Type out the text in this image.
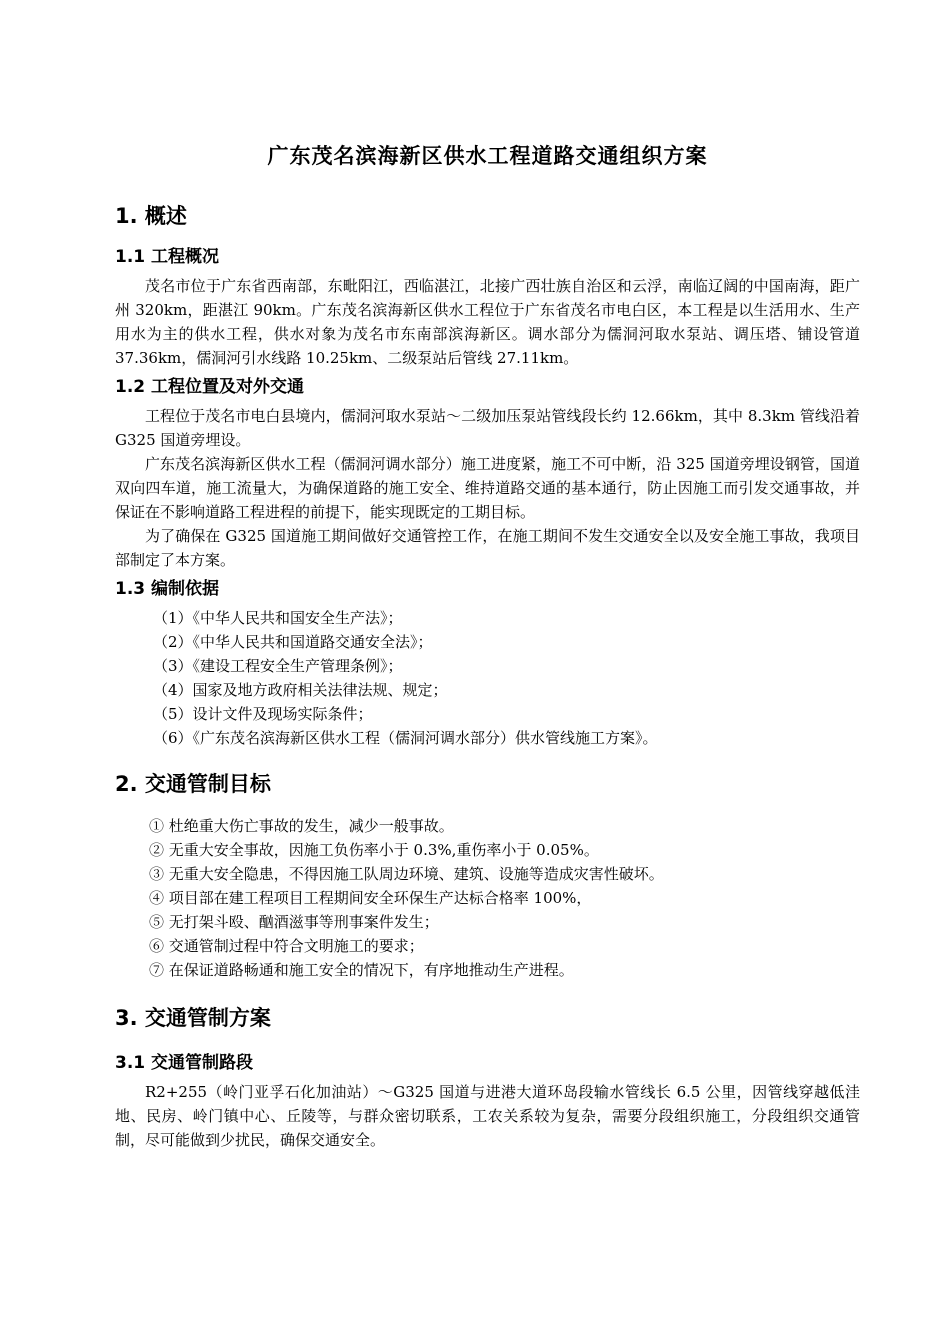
广东茂名滨海新区供水工程道路交通组织方案
1. 概述
1.1 工程概况

茂名市位于广东省西南部，东毗阳江，西临湛江，北接广西壮族自治区和云浮，南临辽阔的中国南海，距广州 320km，距湛江 90km。广东茂名滨海新区供水工程位于广东省茂名市电白区，本工程是以生活用水、生产用水为主的供水工程，供水对象为茂名市东南部滨海新区。调水部分为儒洞河取水泵站、调压塔、铺设管道 37.36km，儒洞河引水线路 10.25km、二级泵站后管线 27.11km。

1.2 工程位置及对外交通

工程位于茂名市电白县境内，儒洞河取水泵站～二级加压泵站管线段长约 12.66km，其中 8.3km 管线沿着 G325 国道旁埋设。

广东茂名滨海新区供水工程（儒洞河调水部分）施工进度紧，施工不可中断，沿 325 国道旁埋设钢管，国道双向四车道，施工流量大，为确保道路的施工安全、维持道路交通的基本通行，防止因施工而引发交通事故，并保证在不影响道路工程进程的前提下，能实现既定的工期目标。

为了确保在 G325 国道施工期间做好交通管控工作，在施工期间不发生交通安全以及安全施工事故，我项目部制定了本方案。

1.3 编制依据
（1）《中华人民共和国安全生产法》；
（2）《中华人民共和国道路交通安全法》；
（3）《建设工程安全生产管理条例》；
（4）国家及地方政府相关法律法规、规定；
（5）设计文件及现场实际条件；
（6）《广东茂名滨海新区供水工程（儒洞河调水部分）供水管线施工方案》。
2. 交通管制目标
① 杜绝重大伤亡事故的发生，减少一般事故。
② 无重大安全事故，因施工负伤率小于 0.3%,重伤率小于 0.05%。
③ 无重大安全隐患，不得因施工队周边环境、建筑、设施等造成灾害性破坏。
④ 项目部在建工程项目工程期间安全环保生产达标合格率 100%，
⑤ 无打架斗殴、酗酒滋事等刑事案件发生；
⑥ 交通管制过程中符合文明施工的要求；
⑦ 在保证道路畅通和施工安全的情况下，有序地推动生产进程。
3. 交通管制方案
3.1 交通管制路段

R2+255（岭门亚孚石化加油站）～G325 国道与进港大道环岛段输水管线长 6.5 公里，因管线穿越低洼地、民房、岭门镇中心、丘陵等，与群众密切联系，工农关系较为复杂，需要分段组织施工，分段组织交通管制，尽可能做到少扰民，确保交通安全。
